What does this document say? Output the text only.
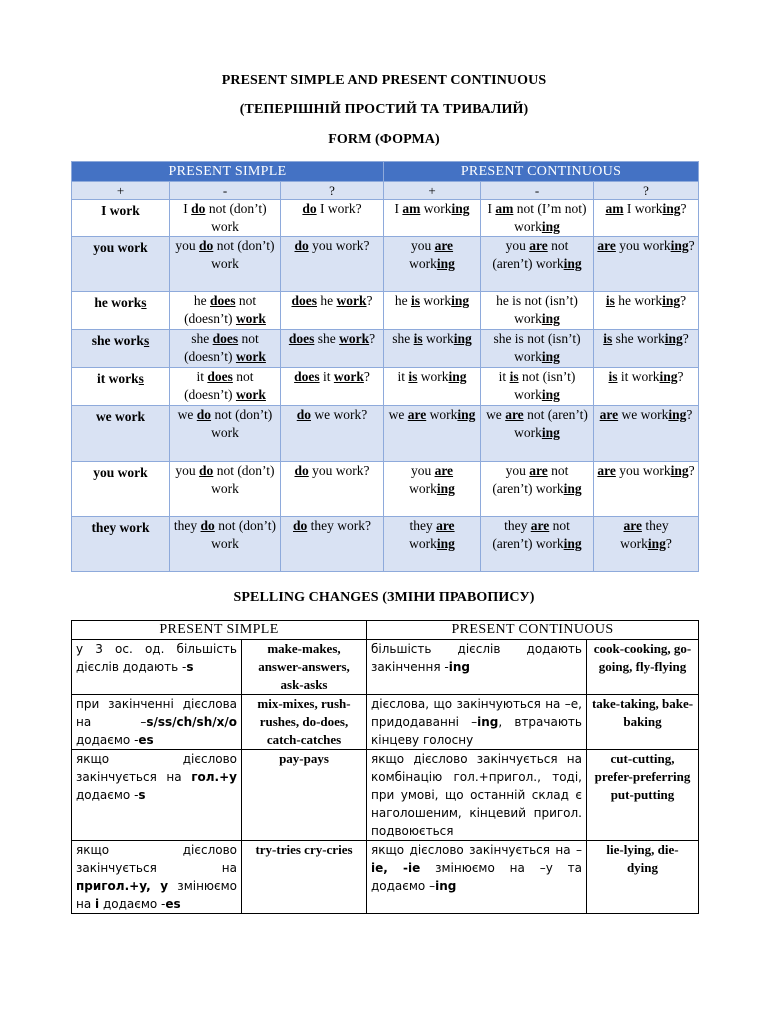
PRESENT SIMPLE AND PRESENT CONTINUOUS
(ТЕПЕРІШНІЙ ПРОСТИЙ ТА ТРИВАЛИЙ)
FORM (ФОРМА)
PRESENT SIMPLE			PRESENT CONTINUOUS		
+	-	?	+	-	?
I work	I do not (don’t) work	do I work?	I am working	I am not (I’m not) working	am I working?
you work	you do not (don’t) work	do you work?	you are working	you are not (aren’t) working	are you working?
he works	he does not (doesn’t) work	does he work?	he is working	he is not (isn’t) working	is he working?
she works	she does not (doesn’t) work	does she work?	she is working	she is not (isn’t) working	is she working?
it works	it does not (doesn’t) work	does it work?	it is working	it is not (isn’t) working	is it working?
we work	we do not (don’t) work	do we work?	we are working	we are not (aren’t) working	are we working?
you work	you do not (don’t) work	do you work?	you are working	you are not (aren’t) working	are you working?
they work	they do not (don’t) work	do they work?	they are working	they are not (aren’t) working	are they working?
SPELLING CHANGES (ЗМІНИ ПРАВОПИСУ)
PRESENT SIMPLE		PRESENT CONTINUOUS	
у 3 ос. од. більшість дієслів додають -s	make-makes, answer-answers, ask-asks	більшість дієслів додають закінчення -ing	cook-cooking, go-going, fly-flying
при закінченні дієслова на –s/ss/ch/sh/x/o додаємо -es	mix-mixes, rush-rushes, do-does, catch-catches	дієслова, що закінчуються на –e, придодаванні –ing, втрачають кінцеву голосну	take-taking, bake-baking
якщо дієслово закінчується на гол.+y додаємо -s	pay-pays	якщо дієслово закінчується на комбінацію гол.+пригол., тоді, при умові, що останній склад є наголошеним, кінцевий пригол. подвоюється	cut-cutting, prefer-preferring put-putting
якщо дієслово закінчується на пригол.+y, y змінюємо на i додаємо -es	try-tries cry-cries	якщо дієслово закінчується на –ie, -ie змінюємо на –y та додаємо –ing	lie-lying, die-dying
